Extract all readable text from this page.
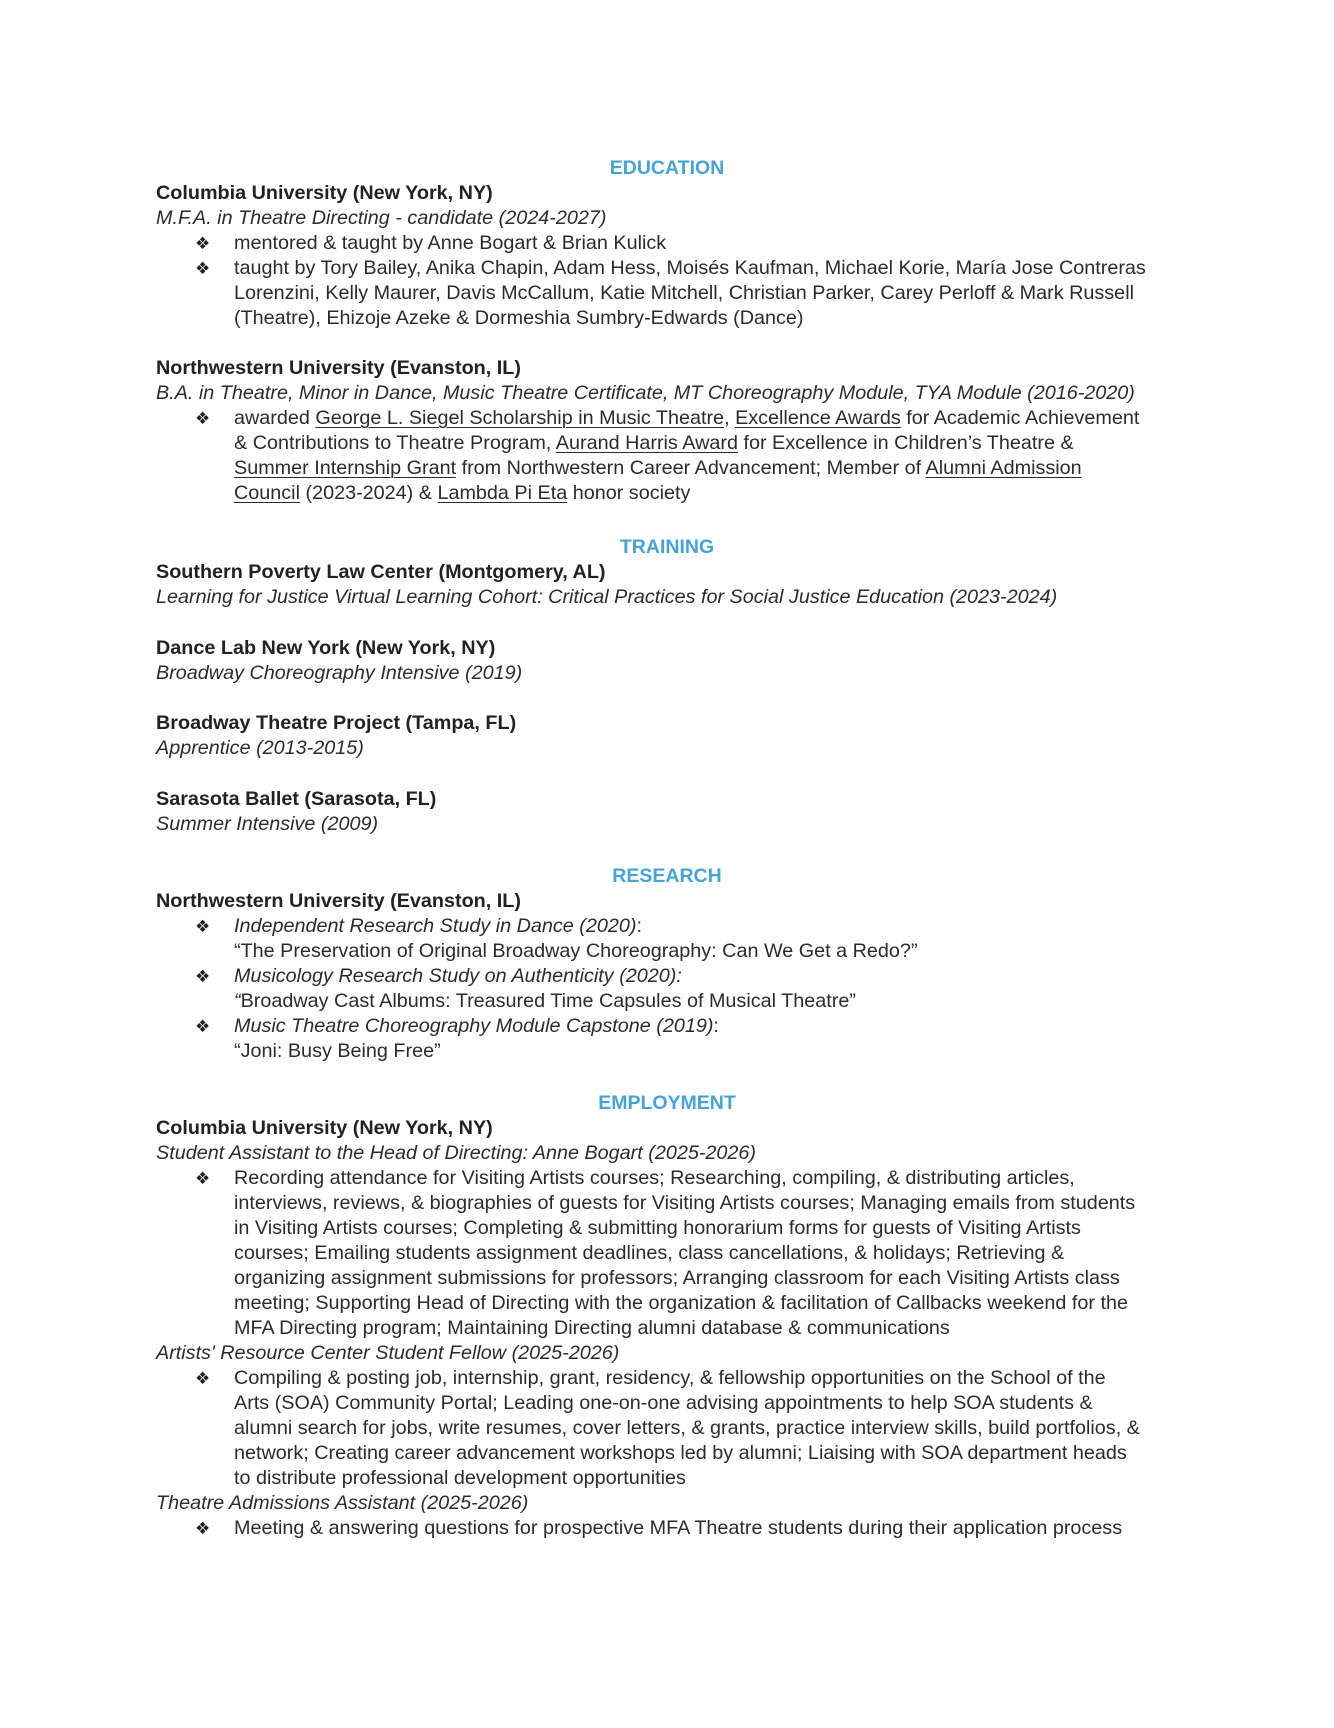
EDUCATION
Columbia University (New York, NY)
M.F.A. in Theatre Directing - candidate (2024-2027)
❖ mentored & taught by Anne Bogart & Brian Kulick
❖ taught by Tory Bailey, Anika Chapin, Adam Hess, Moisés Kaufman, Michael Korie, María Jose Contreras
Lorenzini, Kelly Maurer, Davis McCallum, Katie Mitchell, Christian Parker, Carey Perloff & Mark Russell
(Theatre), Ehizoje Azeke & Dormeshia Sumbry-Edwards (Dance)
Northwestern University (Evanston, IL)
B.A. in Theatre, Minor in Dance, Music Theatre Certificate, MT Choreography Module, TYA Module (2016-2020)
❖ awarded George L. Siegel Scholarship in Music Theatre, Excellence Awards for Academic Achievement
& Contributions to Theatre Program, Aurand Harris Award for Excellence in Children’s Theatre &
Summer Internship Grant from Northwestern Career Advancement; Member of Alumni Admission
Council (2023-2024) & Lambda Pi Eta honor society
TRAINING
Southern Poverty Law Center (Montgomery, AL)
Learning for Justice Virtual Learning Cohort: Critical Practices for Social Justice Education (2023-2024)
Dance Lab New York (New York, NY)
Broadway Choreography Intensive (2019)
Broadway Theatre Project (Tampa, FL)
Apprentice (2013-2015)
Sarasota Ballet (Sarasota, FL)
Summer Intensive (2009)
RESEARCH
Northwestern University (Evanston, IL)
❖ Independent Research Study in Dance (2020):
“The Preservation of Original Broadway Choreography: Can We Get a Redo?”
❖ Musicology Research Study on Authenticity (2020):
“Broadway Cast Albums: Treasured Time Capsules of Musical Theatre”
❖ Music Theatre Choreography Module Capstone (2019):
“Joni: Busy Being Free”
EMPLOYMENT
Columbia University (New York, NY)
Student Assistant to the Head of Directing: Anne Bogart (2025-2026)
❖ Recording attendance for Visiting Artists courses; Researching, compiling, & distributing articles,
interviews, reviews, & biographies of guests for Visiting Artists courses; Managing emails from students
in Visiting Artists courses; Completing & submitting honorarium forms for guests of Visiting Artists
courses; Emailing students assignment deadlines, class cancellations, & holidays; Retrieving &
organizing assignment submissions for professors; Arranging classroom for each Visiting Artists class
meeting; Supporting Head of Directing with the organization & facilitation of Callbacks weekend for the
MFA Directing program; Maintaining Directing alumni database & communications
Artists' Resource Center Student Fellow (2025-2026)
❖ Compiling & posting job, internship, grant, residency, & fellowship opportunities on the School of the
Arts (SOA) Community Portal; Leading one-on-one advising appointments to help SOA students &
alumni search for jobs, write resumes, cover letters, & grants, practice interview skills, build portfolios, &
network; Creating career advancement workshops led by alumni; Liaising with SOA department heads
to distribute professional development opportunities
Theatre Admissions Assistant (2025-2026)
❖ Meeting & answering questions for prospective MFA Theatre students during their application process
